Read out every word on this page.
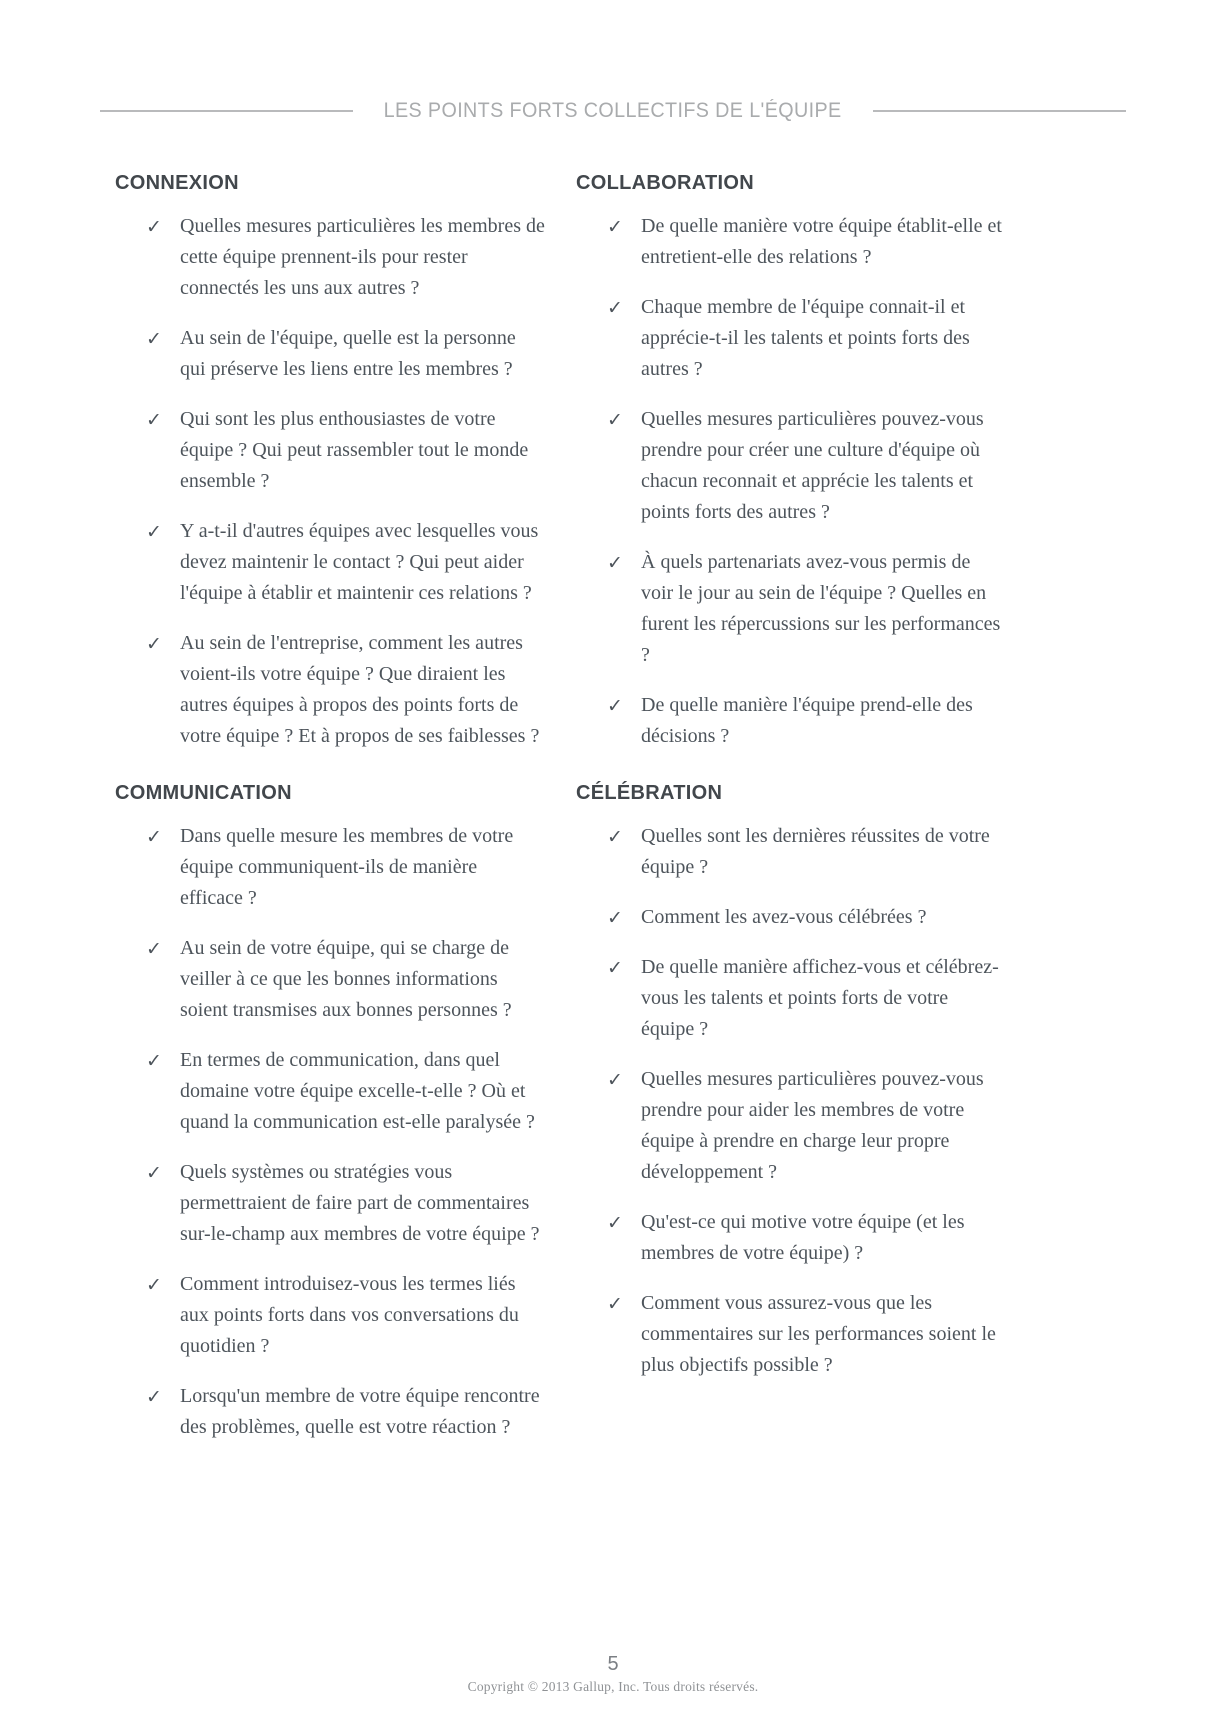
LES POINTS FORTS COLLECTIFS DE L'ÉQUIPE
CONNEXION
✓ Quelles mesures particulières les membres de cette équipe prennent-ils pour rester connectés les uns aux autres ?
✓ Au sein de l'équipe, quelle est la personne qui préserve les liens entre les membres ?
✓ Qui sont les plus enthousiastes de votre équipe ? Qui peut rassembler tout le monde ensemble ?
✓ Y a-t-il d'autres équipes avec lesquelles vous devez maintenir le contact ? Qui peut aider l'équipe à établir et maintenir ces relations ?
✓ Au sein de l'entreprise, comment les autres voient-ils votre équipe ? Que diraient les autres équipes à propos des points forts de votre équipe ? Et à propos de ses faiblesses ?
COMMUNICATION
✓ Dans quelle mesure les membres de votre équipe communiquent-ils de manière efficace ?
✓ Au sein de votre équipe, qui se charge de veiller à ce que les bonnes informations soient transmises aux bonnes personnes ?
✓ En termes de communication, dans quel domaine votre équipe excelle-t-elle ? Où et quand la communication est-elle paralysée ?
✓ Quels systèmes ou stratégies vous permettraient de faire part de commentaires sur-le-champ aux membres de votre équipe ?
✓ Comment introduisez-vous les termes liés aux points forts dans vos conversations du quotidien ?
✓ Lorsqu'un membre de votre équipe rencontre des problèmes, quelle est votre réaction ?
COLLABORATION
✓ De quelle manière votre équipe établit-elle et entretient-elle des relations ?
✓ Chaque membre de l'équipe connait-il et apprécie-t-il les talents et points forts des autres ?
✓ Quelles mesures particulières pouvez-vous prendre pour créer une culture d'équipe où chacun reconnait et apprécie les talents et points forts des autres ?
✓ À quels partenariats avez-vous permis de voir le jour au sein de l'équipe ? Quelles en furent les répercussions sur les performances ?
✓ De quelle manière l'équipe prend-elle des décisions ?
CÉLÉBRATION
✓ Quelles sont les dernières réussites de votre équipe ?
✓ Comment les avez-vous célébrées ?
✓ De quelle manière affichez-vous et célébrez-vous les talents et points forts de votre équipe ?
✓ Quelles mesures particulières pouvez-vous prendre pour aider les membres de votre équipe à prendre en charge leur propre développement ?
✓ Qu'est-ce qui motive votre équipe (et les membres de votre équipe) ?
✓ Comment vous assurez-vous que les commentaires sur les performances soient le plus objectifs possible ?
5
Copyright © 2013 Gallup, Inc. Tous droits réservés.
